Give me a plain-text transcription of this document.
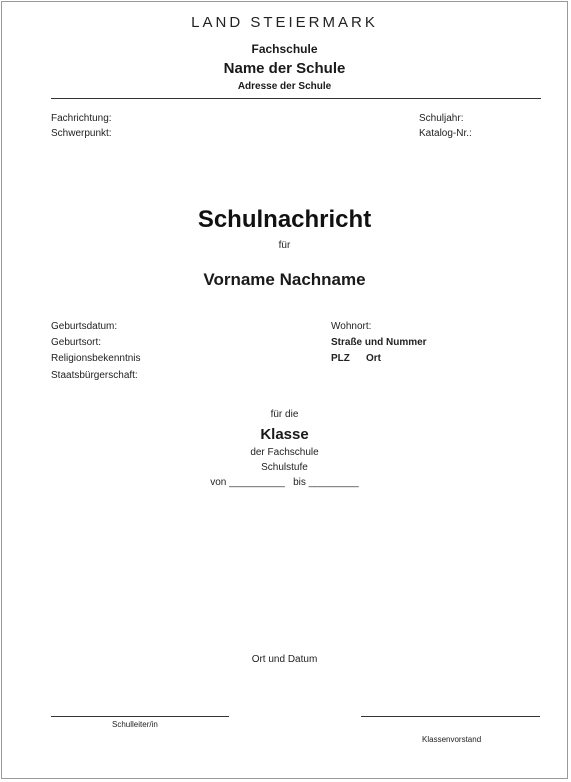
LAND STEIERMARK
Fachschule
Name der Schule
Adresse der Schule
Fachrichtung:
Schwerpunkt:
Schuljahr:
Katalog-Nr.:
Schulnachricht
für
Vorname Nachname
Geburtsdatum:
Geburtsort:
Religionsbekenntnis
Staatsbürgerschaft:
Wohnort:
Straße und Nummer
PLZ Ort
für die
Klasse
der Fachschule
Schulstufe
von __________ bis _________
Ort und Datum
Schulleiter/in
Klassenvorstand
